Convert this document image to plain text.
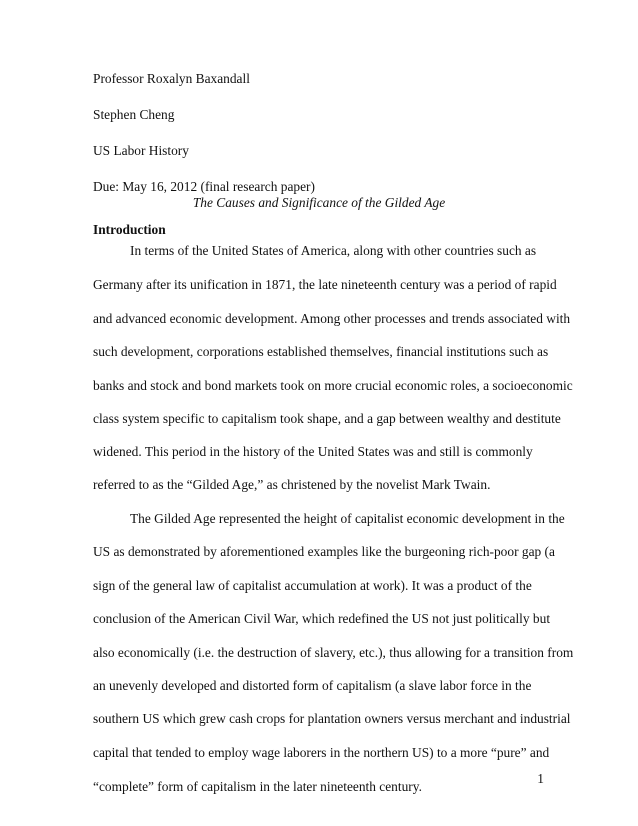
Professor Roxalyn Baxandall
Stephen Cheng
US Labor History
Due: May 16, 2012 (final research paper)
The Causes and Significance of the Gilded Age
Introduction
In terms of the United States of America, along with other countries such as
Germany after its unification in 1871, the late nineteenth century was a period of rapid
and advanced economic development. Among other processes and trends associated with
such development, corporations established themselves, financial institutions such as
banks and stock and bond markets took on more crucial economic roles, a socioeconomic
class system specific to capitalism took shape, and a gap between wealthy and destitute
widened. This period in the history of the United States was and still is commonly
referred to as the “Gilded Age,” as christened by the novelist Mark Twain.
The Gilded Age represented the height of capitalist economic development in the
US as demonstrated by aforementioned examples like the burgeoning rich-poor gap (a
sign of the general law of capitalist accumulation at work). It was a product of the
conclusion of the American Civil War, which redefined the US not just politically but
also economically (i.e. the destruction of slavery, etc.), thus allowing for a transition from
an unevenly developed and distorted form of capitalism (a slave labor force in the
southern US which grew cash crops for plantation owners versus merchant and industrial
capital that tended to employ wage laborers in the northern US) to a more “pure” and
“complete” form of capitalism in the later nineteenth century.
1
